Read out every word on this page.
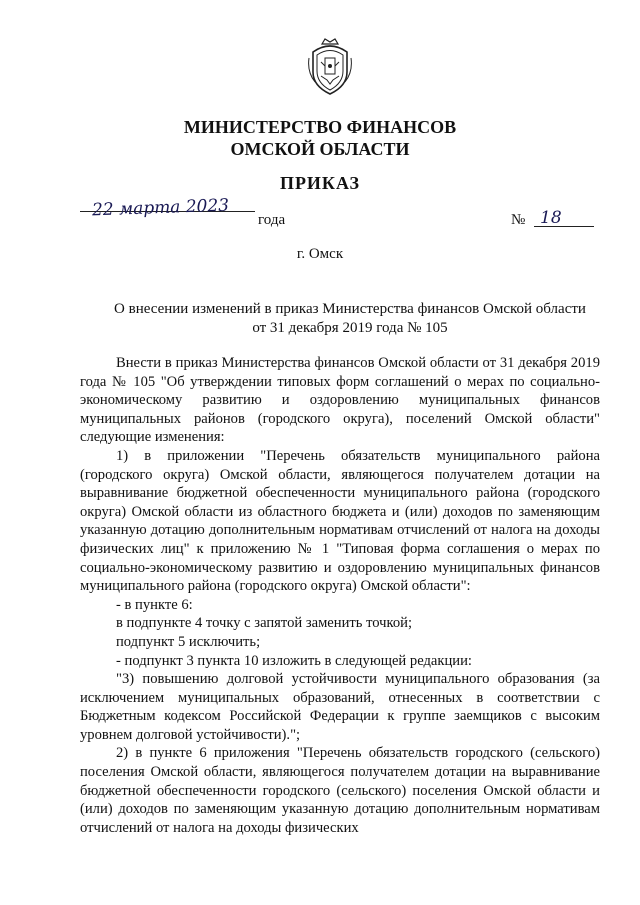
МИНИСТЕРСТВО ФИНАНСОВ
ОМСКОЙ ОБЛАСТИ
ПРИКАЗ
22 марта 2023 года	№ 18
г. Омск
О внесении изменений в приказ Министерства финансов Омской области
от 31 декабря 2019 года № 105

Внести в приказ Министерства финансов Омской области от 31 декабря 2019 года № 105 "Об утверждении типовых форм соглашений о мерах по социально-экономическому развитию и оздоровлению муниципальных финансов муниципальных районов (городского округа), поселений Омской области" следующие изменения:

1) в приложении "Перечень обязательств муниципального района (городского округа) Омской области, являющегося получателем дотации на выравнивание бюджетной обеспеченности муниципального района (городского округа) Омской области из областного бюджета и (или) доходов по заменяющим указанную дотацию дополнительным нормативам отчислений от налога на доходы физических лиц" к приложению № 1 "Типовая форма соглашения о мерах по социально-экономическому развитию и оздоровлению муниципальных финансов муниципального района (городского округа) Омской области":

- в пункте 6:

в подпункте 4 точку с запятой заменить точкой;

подпункт 5 исключить;

- подпункт 3 пункта 10 изложить в следующей редакции:

"3) повышению долговой устойчивости муниципального образования (за исключением муниципальных образований, отнесенных в соответствии с Бюджетным кодексом Российской Федерации к группе заемщиков с высоким уровнем долговой устойчивости).";

2) в пункте 6 приложения "Перечень обязательств городского (сельского) поселения Омской области, являющегося получателем дотации на выравнивание бюджетной обеспеченности городского (сельского) поселения Омской области и (или) доходов по заменяющим указанную дотацию дополнительным нормативам отчислений от налога на доходы физических
